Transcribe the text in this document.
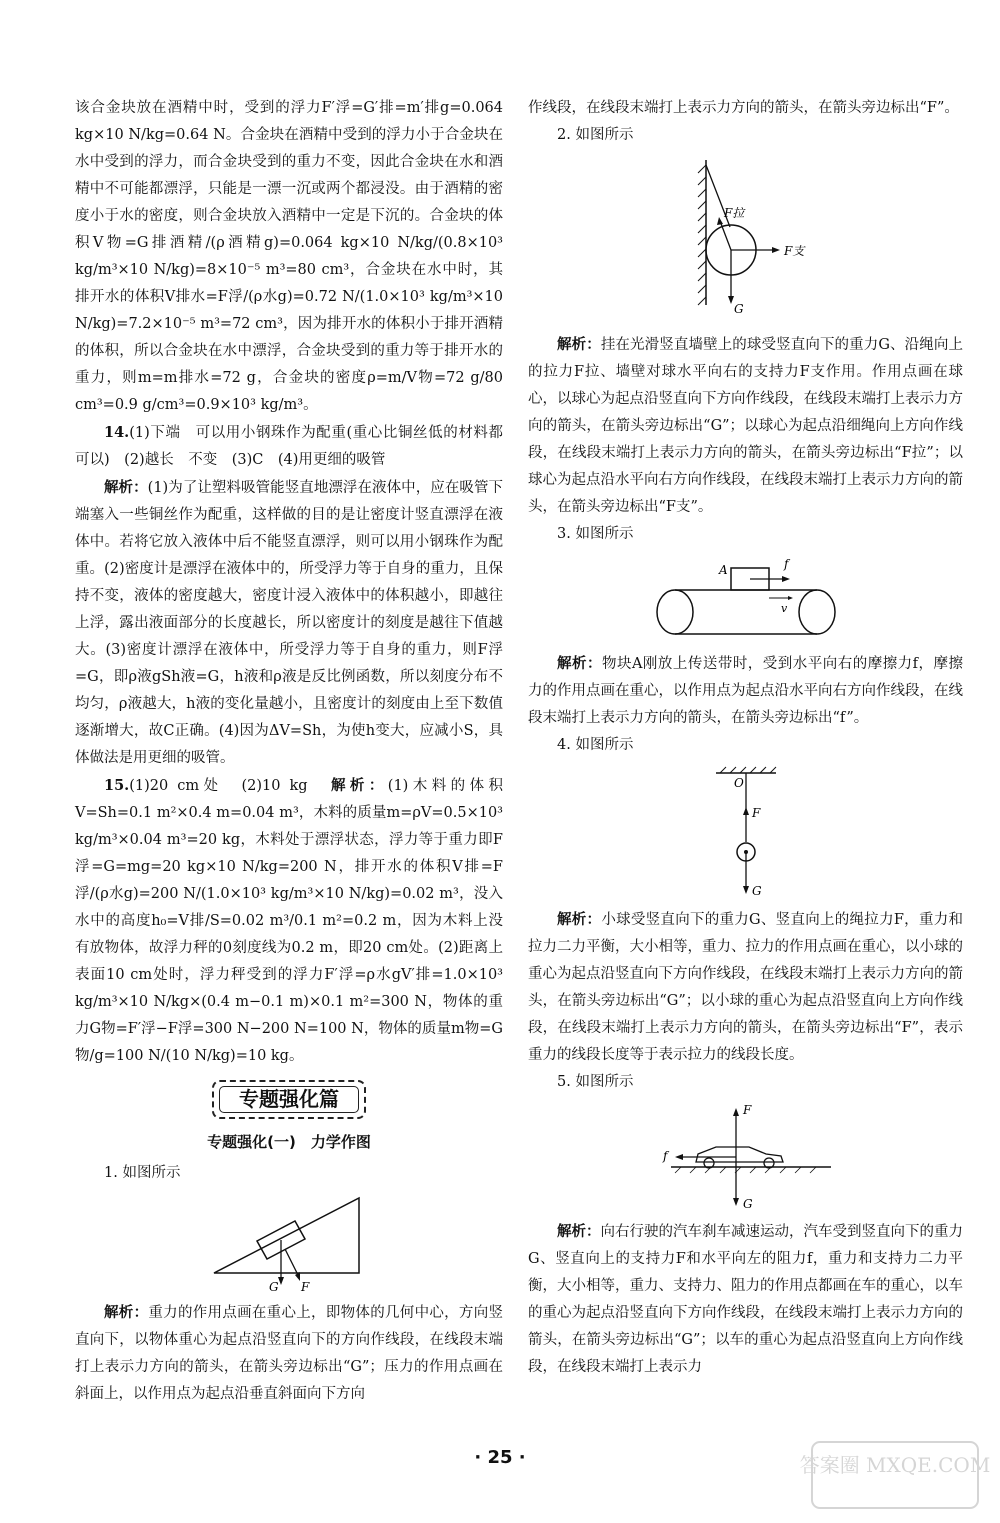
该合金块放在酒精中时，受到的浮力F′浮=G′排=m′排g=0.064 kg×10 N/kg=0.64 N。合金块在酒精中受到的浮力小于合金块在水中受到的浮力，而合金块受到的重力不变，因此合金块在水和酒精中不可能都漂浮，只能是一漂一沉或两个都浸没。由于酒精的密度小于水的密度，则合金块放入酒精中一定是下沉的。合金块的体积V物=G排酒精/(ρ酒精g)=0.064 kg×10 N/kg/(0.8×10³ kg/m³×10 N/kg)=8×10⁻⁵ m³=80 cm³，合金块在水中时，其排开水的体积V排水=F浮/(ρ水g)=0.72 N/(1.0×10³ kg/m³×10 N/kg)=7.2×10⁻⁵ m³=72 cm³，因为排开水的体积小于排开酒精的体积，所以合金块在水中漂浮，合金块受到的重力等于排开水的重力，则m=m排水=72 g，合金块的密度ρ=m/V物=72 g/80 cm³=0.9 g/cm³=0.9×10³ kg/m³。

14.(1)下端　可以用小钢珠作为配重(重心比铜丝低的材料都可以)　(2)越长　不变　(3)C　(4)用更细的吸管

解析：(1)为了让塑料吸管能竖直地漂浮在液体中，应在吸管下端塞入一些铜丝作为配重，这样做的目的是让密度计竖直漂浮在液体中。若将它放入液体中后不能竖直漂浮，则可以用小钢珠作为配重。(2)密度计是漂浮在液体中的，所受浮力等于自身的重力，且保持不变，液体的密度越大，密度计浸入液体中的体积越小，即越往上浮，露出液面部分的长度越长，所以密度计的刻度是越往下值越大。(3)密度计漂浮在液体中，所受浮力等于自身的重力，则F浮=G，即ρ液gSh液=G，h液和ρ液是反比例函数，所以刻度分布不均匀，ρ液越大，h液的变化量越小，且密度计的刻度由上至下数值逐渐增大，故C正确。(4)因为ΔV=Sh，为使h变大，应减小S，具体做法是用更细的吸管。

15.(1)20 cm处　(2)10 kg　 解析：(1)木料的体积V=Sh=0.1 m²×0.4 m=0.04 m³，木料的质量m=ρV=0.5×10³ kg/m³×0.04 m³=20 kg，木料处于漂浮状态，浮力等于重力即F浮=G=mg=20 kg×10 N/kg=200 N，排开水的体积V排=F浮/(ρ水g)=200 N/(1.0×10³ kg/m³×10 N/kg)=0.02 m³，没入水中的高度h₀=V排/S=0.02 m³/0.1 m²=0.2 m，因为木料上没有放物体，故浮力秤的0刻度线为0.2 m，即20 cm处。(2)距离上表面10 cm处时，浮力秤受到的浮力F′浮=ρ水gV′排=1.0×10³ kg/m³×10 N/kg×(0.4 m−0.1 m)×0.1 m²=300 N，物体的重力G物=F′浮−F浮=300 N−200 N=100 N，物体的质量m物=G物/g=100 N/(10 N/kg)=10 kg。

专题强化篇
专题强化(一)　力学作图

1. 如图所示

G F

解析：重力的作用点画在重心上，即物体的几何中心，方向竖直向下，以物体重心为起点沿竖直向下的方向作线段，在线段末端打上表示力方向的箭头，在箭头旁边标出“G”；压力的作用点画在斜面上，以作用点为起点沿垂直斜面向下方向

作线段，在线段末端打上表示力方向的箭头，在箭头旁边标出“F”。

2. 如图所示

F拉
F支
G

解析：挂在光滑竖直墙壁上的球受竖直向下的重力G、沿绳向上的拉力F拉、墙壁对球水平向右的支持力F支作用。作用点画在球心，以球心为起点沿竖直向下方向作线段，在线段末端打上表示力方向的箭头，在箭头旁边标出“G”；以球心为起点沿细绳向上方向作线段，在线段末端打上表示力方向的箭头，在箭头旁边标出“F拉”；以球心为起点沿水平向右方向作线段，在线段末端打上表示力方向的箭头，在箭头旁边标出“F支”。

3. 如图所示

A	f
v

解析：物块A刚放上传送带时，受到水平向右的摩擦力f，摩擦力的作用点画在重心，以作用点为起点沿水平向右方向作线段，在线段末端打上表示力方向的箭头，在箭头旁边标出“f”。

4. 如图所示

O
F
G

解析：小球受竖直向下的重力G、竖直向上的绳拉力F，重力和拉力二力平衡，大小相等，重力、拉力的作用点画在重心，以小球的重心为起点沿竖直向下方向作线段，在线段末端打上表示力方向的箭头，在箭头旁边标出“G”；以小球的重心为起点沿竖直向上方向作线段，在线段末端打上表示力方向的箭头，在箭头旁边标出“F”，表示重力的线段长度等于表示拉力的线段长度。

5. 如图所示

F
G
f

解析：向右行驶的汽车刹车减速运动，汽车受到竖直向下的重力G、竖直向上的支持力F和水平向左的阻力f，重力和支持力二力平衡，大小相等，重力、支持力、阻力的作用点都画在车的重心，以车的重心为起点沿竖直向下方向作线段，在线段末端打上表示力方向的箭头，在箭头旁边标出“G”；以车的重心为起点沿竖直向上方向作线段，在线段末端打上表示力

· 25 ·	答案圈 MXQE.COM
